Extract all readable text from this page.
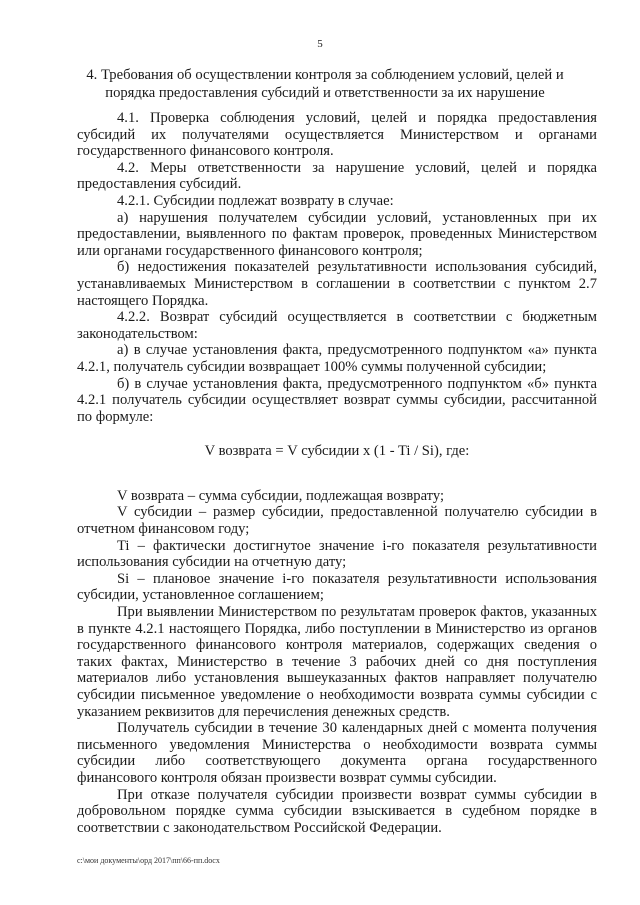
5
4. Требования об осуществлении контроля за соблюдением условий, целей и порядка предоставления субсидий и ответственности за их нарушение

4.1. Проверка соблюдения условий, целей и порядка предоставления субсидий их получателями осуществляется Министерством и органами государственного финансового контроля.

4.2. Меры ответственности за нарушение условий, целей и порядка предоставления субсидий.

4.2.1. Субсидии подлежат возврату в случае:

а) нарушения получателем субсидии условий, установленных при их предоставлении, выявленного по фактам проверок, проведенных Министерством или органами государственного финансового контроля;

б) недостижения показателей результативности использования субсидий, устанавливаемых Министерством в соглашении в соответствии с пунктом 2.7 настоящего Порядка.

4.2.2. Возврат субсидий осуществляется в соответствии с бюджетным законодательством:

а) в случае установления факта, предусмотренного подпунктом «а» пункта 4.2.1, получатель субсидии возвращает 100% суммы полученной субсидии;

б) в случае установления факта, предусмотренного подпунктом «б» пункта 4.2.1 получатель субсидии осуществляет возврат суммы субсидии, рассчитанной по формуле:

V возврата = V субсидии x (1 - Ti / Si), где:

V возврата – сумма субсидии, подлежащая возврату;

V субсидии – размер субсидии, предоставленной получателю субсидии в отчетном финансовом году;

Ti – фактически достигнутое значение i-го показателя результативности использования субсидии на отчетную дату;

Si – плановое значение i-го показателя результативности использования субсидии, установленное соглашением;

При выявлении Министерством по результатам проверок фактов, указанных в пункте 4.2.1 настоящего Порядка, либо поступлении в Министерство из органов государственного финансового контроля материалов, содержащих сведения о таких фактах, Министерство в течение 3 рабочих дней со дня поступления материалов либо установления вышеуказанных фактов направляет получателю субсидии письменное уведомление о необходимости возврата суммы субсидии с указанием реквизитов для перечисления денежных средств.

Получатель субсидии в течение 30 календарных дней с момента получения письменного уведомления Министерства о необходимости возврата суммы субсидии либо соответствующего документа органа государственного финансового контроля обязан произвести возврат суммы субсидии.

При отказе получателя субсидии произвести возврат суммы субсидии в добровольном порядке сумма субсидии взыскивается в судебном порядке в соответствии с законодательством Российской Федерации.

c:\мои документы\орд 2017\пп\66-пп.docx
